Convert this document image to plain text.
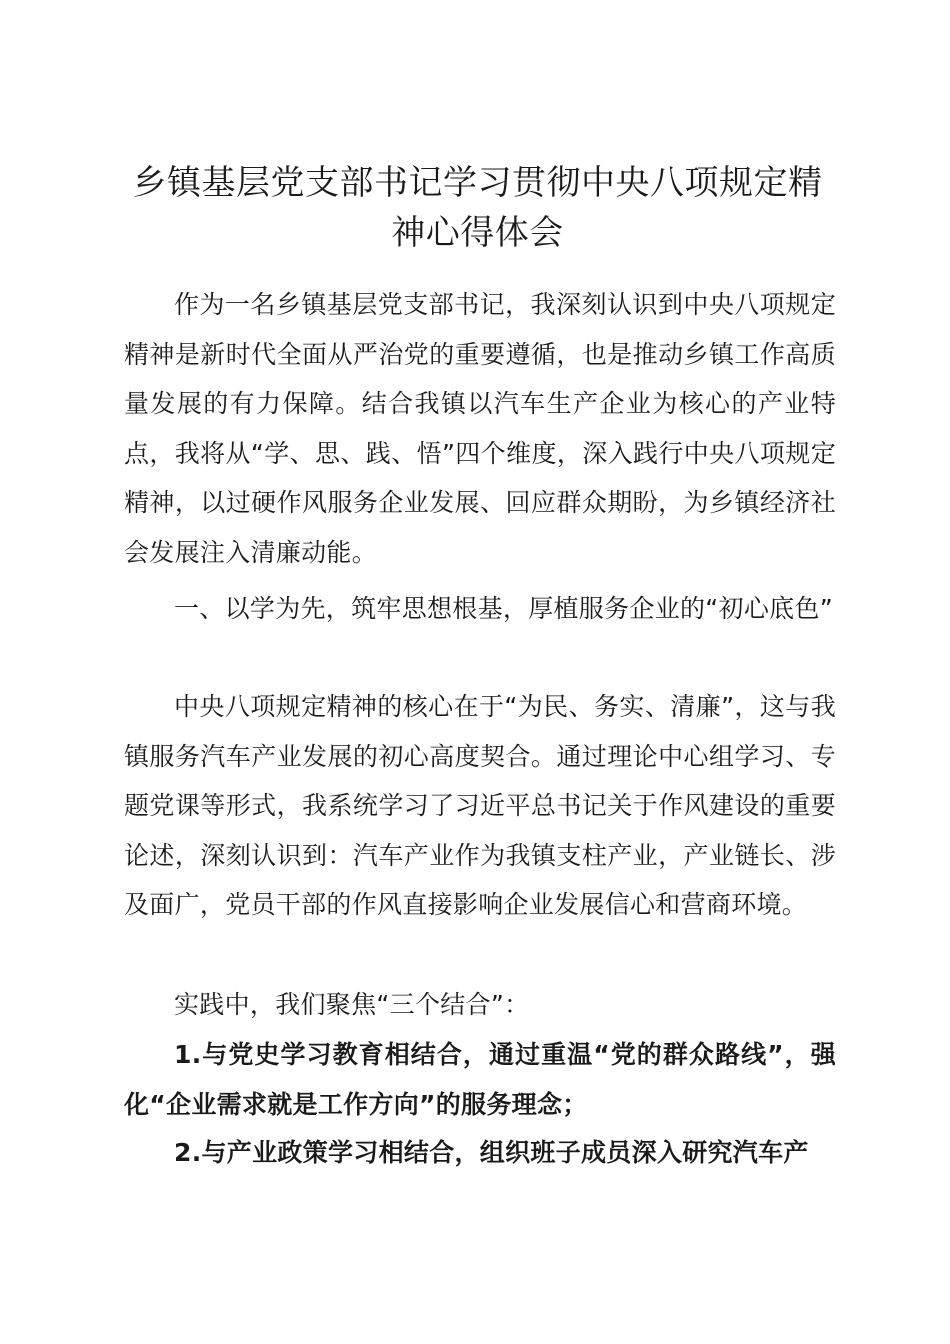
乡镇基层党支部书记学习贯彻中央八项规定精神心得体会

作为一名乡镇基层党支部书记，我深刻认识到中央八项规定精神是新时代全面从严治党的重要遵循，也是推动乡镇工作高质量发展的有力保障。结合我镇以汽车生产企业为核心的产业特点，我将从“学、思、践、悟”四个维度，深入践行中央八项规定精神，以过硬作风服务企业发展、回应群众期盼，为乡镇经济社会发展注入清廉动能。

一、以学为先，筑牢思想根基，厚植服务企业的“初心底色”

中央八项规定精神的核心在于“为民、务实、清廉”，这与我镇服务汽车产业发展的初心高度契合。通过理论中心组学习、专题党课等形式，我系统学习了习近平总书记关于作风建设的重要论述，深刻认识到：汽车产业作为我镇支柱产业，产业链长、涉及面广，党员干部的作风直接影响企业发展信心和营商环境。

实践中，我们聚焦“三个结合”：

1.与党史学习教育相结合，通过重温“党的群众路线”，强化“企业需求就是工作方向”的服务理念；

2.与产业政策学习相结合，组织班子成员深入研究汽车产
